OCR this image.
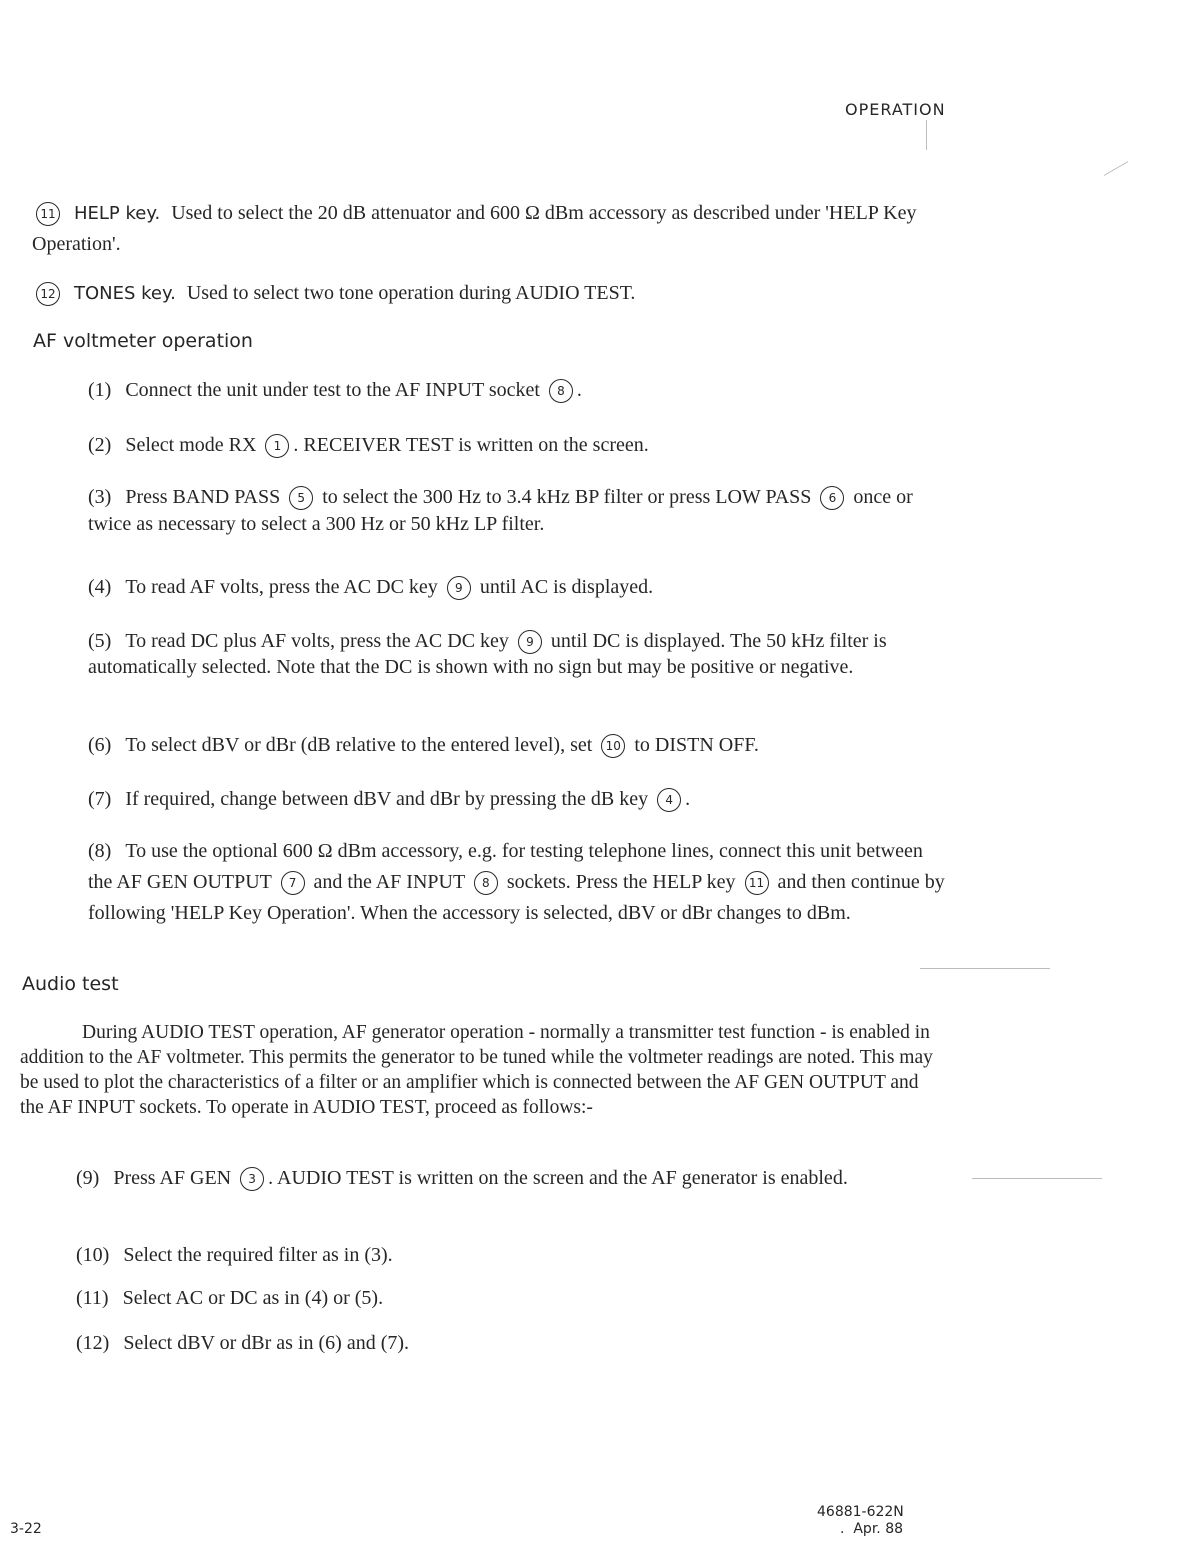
OPERATION

11 HELP key. Used to select the 20 dB attenuator and 600 Ω dBm accessory as described under 'HELP Key Operation'.

12 TONES key. Used to select two tone operation during AUDIO TEST.

AF voltmeter operation

(1) Connect the unit under test to the AF INPUT socket 8 .

(2) Select mode RX 1 . RECEIVER TEST is written on the screen.

(3) Press BAND PASS 5 to select the 300 Hz to 3.4 kHz BP filter or press LOW PASS 6 once or twice as necessary to select a 300 Hz or 50 kHz LP filter.

(4) To read AF volts, press the AC DC key 9 until AC is displayed.

(5) To read DC plus AF volts, press the AC DC key 9 until DC is displayed. The 50 kHz filter is automatically selected. Note that the DC is shown with no sign but may be positive or negative.

(6) To select dBV or dBr (dB relative to the entered level), set 10 to DISTN OFF.

(7) If required, change between dBV and dBr by pressing the dB key 4 .

(8) To use the optional 600 Ω dBm accessory, e.g. for testing telephone lines, connect this unit between the AF GEN OUTPUT 7 and the AF INPUT 8 sockets. Press the HELP key 11 and then continue by following 'HELP Key Operation'. When the accessory is selected, dBV or dBr changes to dBm.

Audio test

During AUDIO TEST operation, AF generator operation - normally a transmitter test function - is enabled in addition to the AF voltmeter. This permits the generator to be tuned while the voltmeter readings are noted. This may be used to plot the characteristics of a filter or an amplifier which is connected between the AF GEN OUTPUT and the AF INPUT sockets. To operate in AUDIO TEST, proceed as follows:-

(9) Press AF GEN 3 . AUDIO TEST is written on the screen and the AF generator is enabled.

(10) Select the required filter as in (3).

(11) Select AC or DC as in (4) or (5).

(12) Select dBV or dBr as in (6) and (7).

3-22
46881-622N
.  Apr. 88
